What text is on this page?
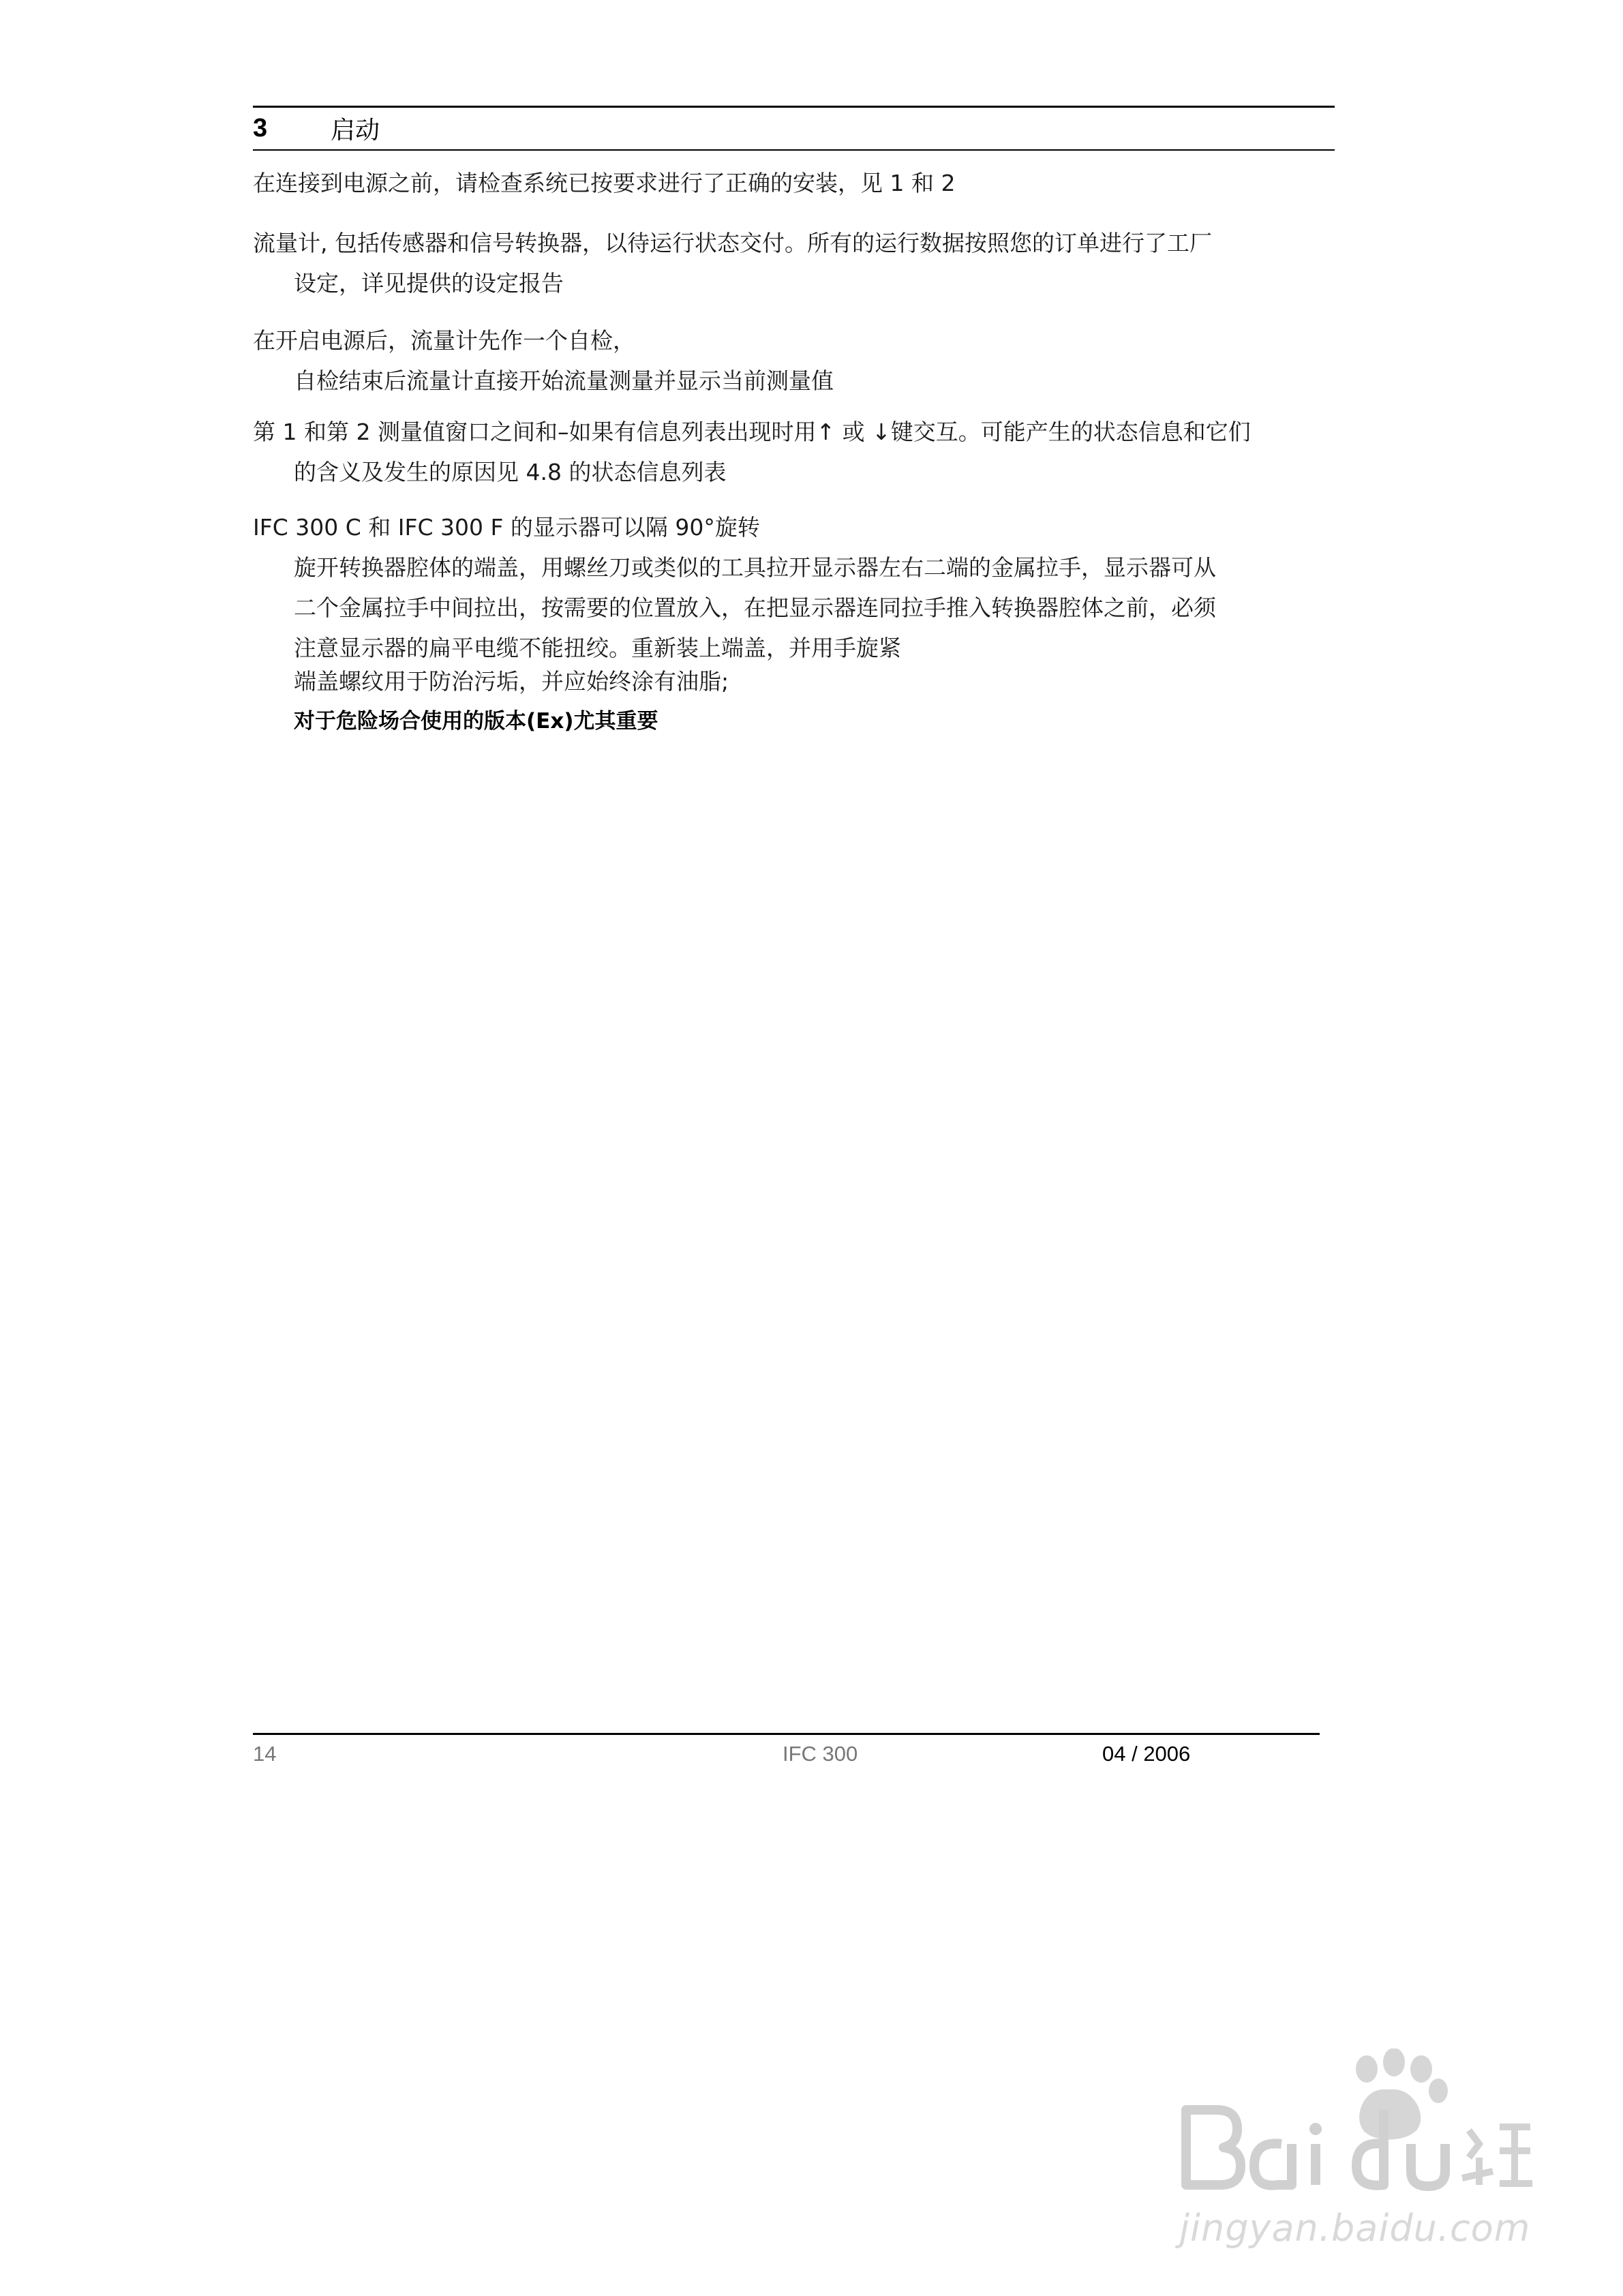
3	启动
在连接到电源之前，请检查系统已按要求进行了正确的安装，见 1 和 2
流量计, 包括传感器和信号转换器，以待运行状态交付。所有的运行数据按照您的订单进行了工厂
设定，详见提供的设定报告
在开启电源后，流量计先作一个自检，
自检结束后流量计直接开始流量测量并显示当前测量值
第 1 和第 2 测量值窗口之间和–如果有信息列表出现时用↑ 或 ↓键交互。可能产生的状态信息和它们
的含义及发生的原因见 4.8 的状态信息列表
IFC 300 C 和 IFC 300 F 的显示器可以隔 90°旋转
旋开转换器腔体的端盖，用螺丝刀或类似的工具拉开显示器左右二端的金属拉手，显示器可从
二个金属拉手中间拉出，按需要的位置放入，在把显示器连同拉手推入转换器腔体之前，必须
注意显示器的扁平电缆不能扭绞。重新装上端盖，并用手旋紧
端盖螺纹用于防治污垢，并应始终涂有油脂;
对于危险场合使用的版本(Ex)尤其重要
14	IFC 300	04 / 2006
jingyan.baidu.com
